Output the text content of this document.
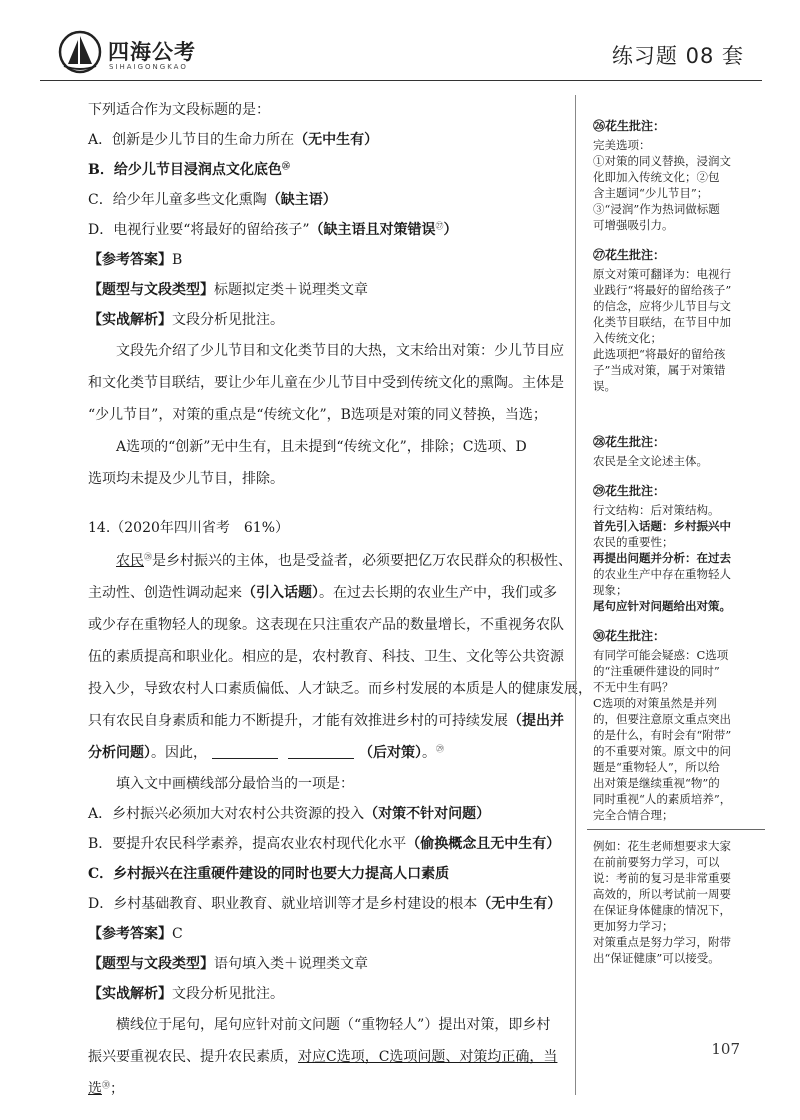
四海公考
SIHAIGONGKAO	练习题 08 套

下列适合作为文段标题的是：

A．创新是少儿节目的生命力所在（无中生有）

B．给少儿节目浸润点文化底色$^㉖$

C．给少年儿童多些文化熏陶（缺主语）

D．电视行业要“将最好的留给孩子”（缺主语且对策错误$^㉗$）

【参考答案】B

【题型与文段类型】标题拟定类＋说理类文章

【实战解析】文段分析见批注。

文段先介绍了少儿节目和文化类节目的大热，文末给出对策：少儿节目应

和文化类节目联结，要让少年儿童在少儿节目中受到传统文化的熏陶。主体是

“少儿节目”，对策的重点是“传统文化”，B选项是对策的同义替换，当选；

A选项的“创新”无中生有，且未提到“传统文化”，排除；C选项、D

选项均未提及少儿节目，排除。

14.（2020年四川省考　61%）

农民$^㉘$是乡村振兴的主体，也是受益者，必须要把亿万农民群众的积极性、

主动性、创造性调动起来（引入话题）。在过去长期的农业生产中，我们或多

或少存在重物轻人的现象。这表现在只注重农产品的数量增长，不重视务农队

伍的素质提高和职业化。相应的是，农村教育、科技、卫生、文化等公共资源

投入少，导致农村人口素质偏低、人才缺乏。而乡村发展的本质是人的健康发展，

只有农民自身素质和能力不断提升，才能有效推进乡村的可持续发展（提出并

分析问题）。因此，	（后对策）。$^㉙$

填入文中画横线部分最恰当的一项是：

A．乡村振兴必须加大对农村公共资源的投入（对策不针对问题）

B．要提升农民科学素养，提高农业农村现代化水平（偷换概念且无中生有）

C．乡村振兴在注重硬件建设的同时也要大力提高人口素质

D．乡村基础教育、职业教育、就业培训等才是乡村建设的根本（无中生有）

【参考答案】C

【题型与文段类型】语句填入类＋说理类文章

【实战解析】文段分析见批注。

横线位于尾句，尾句应针对前文问题（“重物轻人”）提出对策，即乡村

振兴要重视农民、提升农民素质，对应C选项，C选项问题、对策均正确，当

选$^㉚$；

㉖花生批注：
完美选项：
①对策的同义替换，浸润文
化即加入传统文化；②包
含主题词“少儿节目”；
③“浸润”作为热词做标题
可增强吸引力。
㉗花生批注：
原文对策可翻译为：电视行
业践行“将最好的留给孩子”
的信念，应将少儿节目与文
化类节目联结，在节目中加
入传统文化；
此选项把“将最好的留给孩
子”当成对策，属于对策错
误。
㉘花生批注：
农民是全文论述主体。
㉙花生批注：
行文结构：后对策结构。
首先引入话题：乡村振兴中
农民的重要性；
再提出问题并分析：在过去
的农业生产中存在重物轻人
现象；
尾句应针对问题给出对策。
㉚花生批注：
有同学可能会疑惑：C选项
的“注重硬件建设的同时”
不无中生有吗？
C选项的对策虽然是并列
的，但要注意原文重点突出
的是什么，有时会有“附带”
的不重要对策。原文中的问
题是“重物轻人”，所以给
出对策是继续重视“物”的
同时重视“人的素质培养”，
完全合情合理；
例如：花生老师想要求大家
在前前要努力学习，可以
说：考前的复习是非常重要
高效的，所以考试前一周要
在保证身体健康的情况下，
更加努力学习；
对策重点是努力学习，附带
出“保证健康”可以接受。
107
